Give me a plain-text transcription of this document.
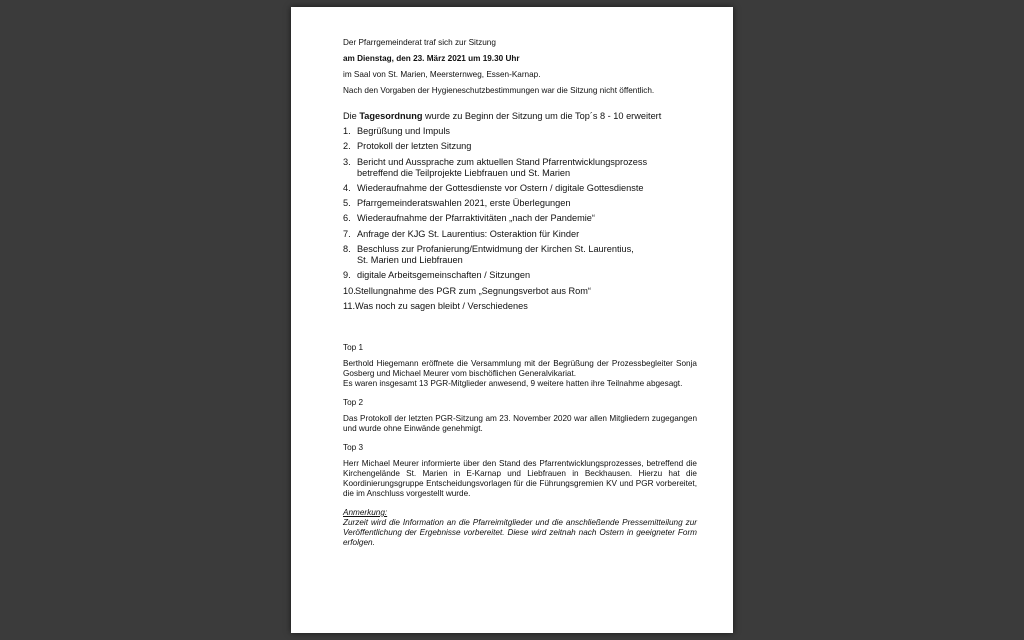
Der Pfarrgemeinderat traf sich zur Sitzung
am Dienstag, den 23. März 2021 um 19.30 Uhr
im Saal von St. Marien, Meersternweg, Essen-Karnap.
Nach den Vorgaben der Hygieneschutzbestimmungen war die Sitzung nicht öffentlich.
Die Tagesordnung wurde zu Beginn der Sitzung um die Top´s 8 - 10 erweitert
1. Begrüßung und Impuls
2. Protokoll der letzten Sitzung
3. Bericht und Aussprache zum aktuellen Stand Pfarrentwicklungsprozess
betreffend die Teilprojekte Liebfrauen und St. Marien
4. Wiederaufnahme der Gottesdienste vor Ostern / digitale Gottesdienste
5. Pfarrgemeinderatswahlen 2021, erste Überlegungen
6. Wiederaufnahme der Pfarraktivitäten „nach der Pandemie“
7. Anfrage der KJG St. Laurentius: Osteraktion für Kinder
8. Beschluss zur Profanierung/Entwidmung der Kirchen St. Laurentius,
St. Marien und Liebfrauen
9. digitale Arbeitsgemeinschaften / Sitzungen
10. Stellungnahme des PGR zum „Segnungsverbot aus Rom“
11. Was noch zu sagen bleibt / Verschiedenes
Top 1
Berthold Hiegemann eröffnete die Versammlung mit der Begrüßung der Prozessbegleiter Sonja Gosberg und Michael Meurer vom bischöflichen Generalvikariat.
Es waren insgesamt 13 PGR-Mitglieder anwesend, 9 weitere hatten ihre Teilnahme abgesagt.
Top 2
Das Protokoll der letzten PGR-Sitzung am 23. November 2020 war allen Mitgliedern zugegangen und wurde ohne Einwände genehmigt.
Top 3
Herr Michael Meurer informierte über den Stand des Pfarrentwicklungsprozesses, betreffend die Kirchengelände St. Marien in E-Karnap und Liebfrauen in Beckhausen. Hierzu hat die Koordinierungsgruppe Entscheidungsvorlagen für die Führungsgremien KV und PGR vorbereitet, die im Anschluss vorgestellt wurde.
Anmerkung:
Zurzeit wird die Information an die Pfarreimitglieder und die anschließende Pressemitteilung zur Veröffentlichung der Ergebnisse vorbereitet. Diese wird zeitnah nach Ostern in geeigneter Form erfolgen.
